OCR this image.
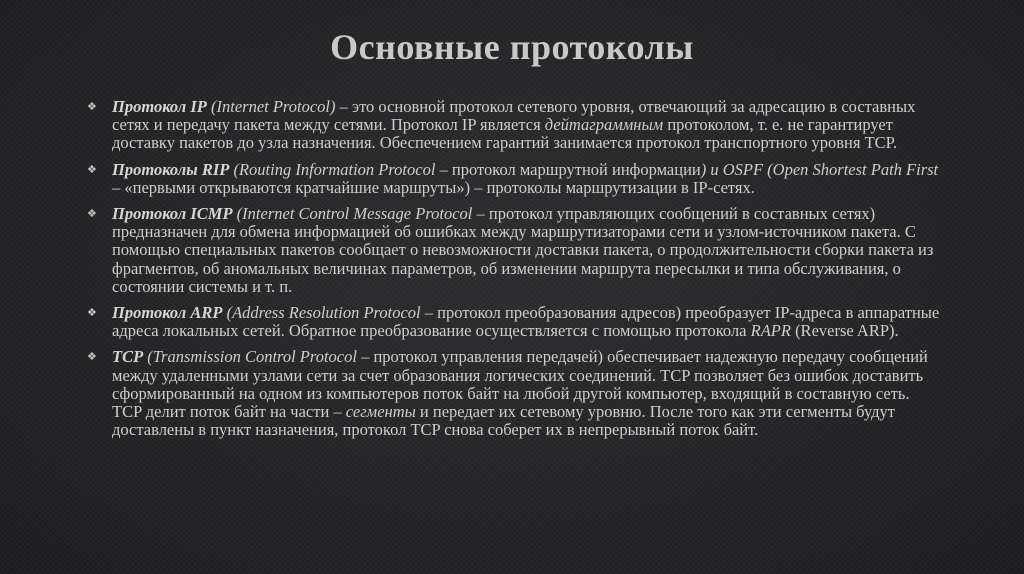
Основные протоколы
❖ Протокол IP (Internet Protocol) – это основной протокол сетевого уровня, отвечающий за адресацию в составных сетях и передачу пакета между сетями. Протокол IP является дейтаграммным протоколом, т. е. не гарантирует доставку пакетов до узла назначения. Обеспечением гарантий занимается протокол транспортного уровня TCP.
❖ Протоколы RIP (Routing Information Protocol – протокол маршрутной информации) и OSPF (Open Shortest Path First – «первыми открываются кратчайшие маршруты») – протоколы маршрутизации в IP-сетях.
❖ Протокол ICMP (Internet Control Message Protocol – протокол управляющих сообщений в составных сетях) предназначен для обмена информацией об ошибках между маршрутизаторами сети и узлом-источником пакета. С помощью специальных пакетов сообщает о невозможности доставки пакета, о продолжительности сборки пакета из фрагментов, об аномальных величинах параметров, об изменении маршрута пересылки и типа обслуживания, о состоянии системы и т. п.
❖ Протокол ARP (Address Resolution Protocol – протокол преобразования адресов) преобразует IP-адреса в аппаратные адреса локальных сетей. Обратное преобразование осуществляется с помощью протокола RAPR (Reverse ARP).
❖ TCP (Transmission Control Protocol – протокол управления передачей) обеспечивает надежную передачу сообщений между удаленными узлами сети за счет образования логических соединений. TCP позволяет без ошибок доставить сформированный на одном из компьютеров поток байт на любой другой компьютер, входящий в составную сеть. TCP делит поток байт на части – сегменты и передает их сетевому уровню. После того как эти сегменты будут доставлены в пункт назначения, протокол TCP снова соберет их в непрерывный поток байт.
